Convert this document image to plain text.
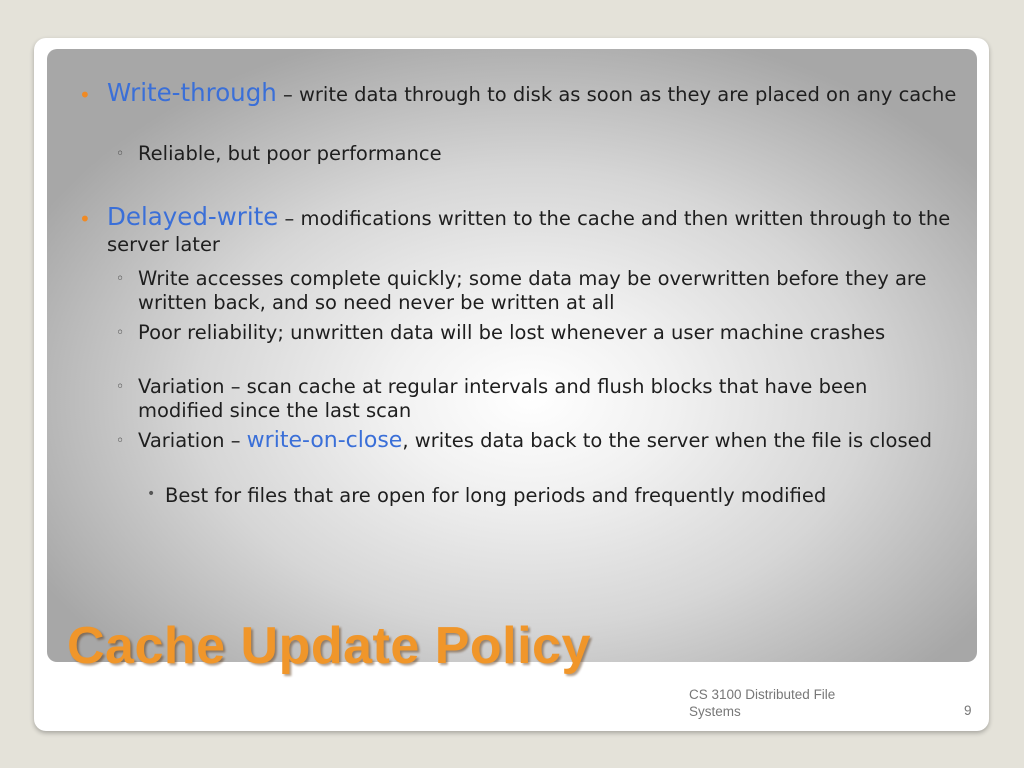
• Write-through – write data through to disk as soon as they are placed on any cache
◦ Reliable, but poor performance
• Delayed-write – modifications written to the cache and then written through to the server later
◦ Write accesses complete quickly; some data may be overwritten before they are written back, and so need never be written at all
◦ Poor reliability; unwritten data will be lost whenever a user machine crashes
◦ Variation – scan cache at regular intervals and flush blocks that have been modified since the last scan
◦ Variation – write-on-close, writes data back to the server when the file is closed
• Best for files that are open for long periods and frequently modified
Cache Update Policy
CS 3100 Distributed File Systems	9
